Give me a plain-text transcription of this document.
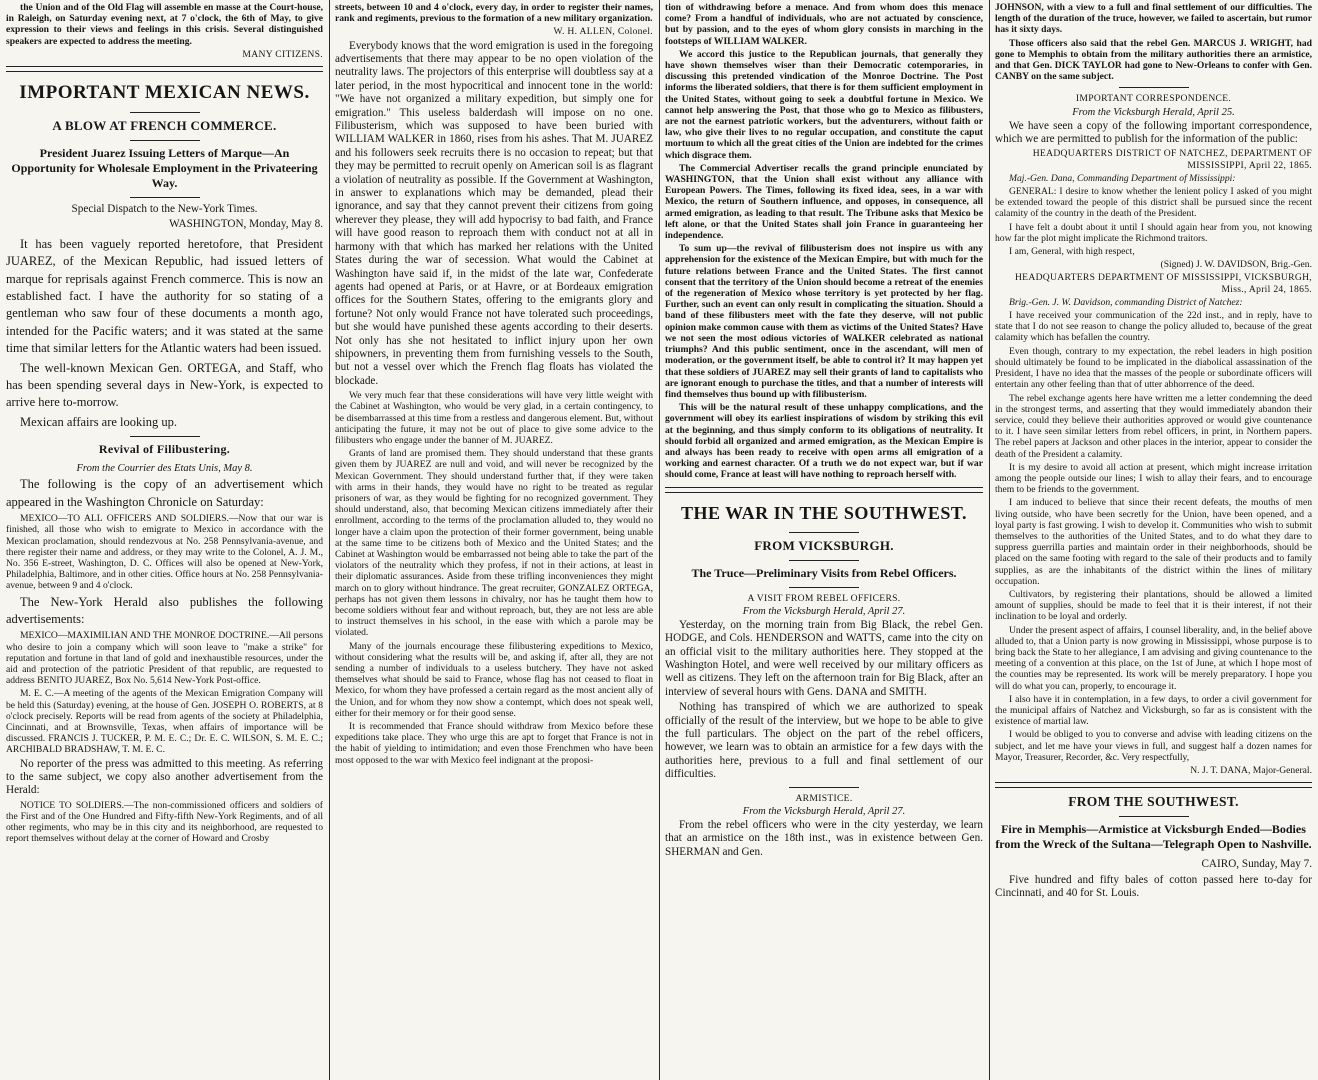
the Union and of the Old Flag will assemble en masse at the Court-house, in Raleigh, on Saturday evening next, at 7 o'clock, the 6th of May, to give expression to their views and feelings in this crisis. Several distinguished speakers are expected to address the meeting.

MANY CITIZENS.

IMPORTANT MEXICAN NEWS.
A BLOW AT FRENCH COMMERCE.
President Juarez Issuing Letters of Marque—An Opportunity for Wholesale Employment in the Privateering Way.

Special Dispatch to the New-York Times.

WASHINGTON, Monday, May 8.

It has been vaguely reported heretofore, that President JUAREZ, of the Mexican Republic, had issued letters of marque for reprisals against French commerce. This is now an established fact. I have the authority for so stating of a gentleman who saw four of these documents a month ago, intended for the Pacific waters; and it was stated at the same time that similar letters for the Atlantic waters had been issued.

The well-known Mexican Gen. ORTEGA, and Staff, who has been spending several days in New-York, is expected to arrive here to-morrow.

Mexican affairs are looking up.

Revival of Filibustering.

From the Courrier des Etats Unis, May 8.

The following is the copy of an advertisement which appeared in the Washington Chronicle on Saturday:

MEXICO—TO ALL OFFICERS AND SOLDIERS.—Now that our war is finished, all those who wish to emigrate to Mexico in accordance with the Mexican proclamation, should rendezvous at No. 258 Pennsylvania-avenue, and there register their name and address, or they may write to the Colonel, A. J. M., No. 356 E-street, Washington, D. C. Offices will also be opened at New-York, Philadelphia, Baltimore, and in other cities. Office hours at No. 258 Pennsylvania-avenue, between 9 and 4 o'clock.

The New-York Herald also publishes the following advertisements:

MEXICO—MAXIMILIAN AND THE MONROE DOCTRINE.—All persons who desire to join a company which will soon leave to "make a strike" for reputation and fortune in that land of gold and inexhaustible resources, under the aid and protection of the patriotic President of that republic, are requested to address BENITO JUAREZ, Box No. 5,614 New-York Post-office.

M. E. C.—A meeting of the agents of the Mexican Emigration Company will be held this (Saturday) evening, at the house of Gen. JOSEPH O. ROBERTS, at 8 o'clock precisely. Reports will be read from agents of the society at Philadelphia, Cincinnati, and at Brownsville, Texas, when affairs of importance will be discussed. FRANCIS J. TUCKER, P. M. E. C.; Dr. E. C. WILSON, S. M. E. C.; ARCHIBALD BRADSHAW, T. M. E. C.

No reporter of the press was admitted to this meeting. As referring to the same subject, we copy also another advertisement from the Herald:

NOTICE TO SOLDIERS.—The non-commissioned officers and soldiers of the First and of the One Hundred and Fifty-fifth New-York Regiments, and of all other regiments, who may be in this city and its neighborhood, are requested to report themselves without delay at the corner of Howard and Crosby

streets, between 10 and 4 o'clock, every day, in order to register their names, rank and regiments, previous to the formation of a new military organization.

W. H. ALLEN, Colonel.

Everybody knows that the word emigration is used in the foregoing advertisements that there may appear to be no open violation of the neutrality laws. The projectors of this enterprise will doubtless say at a later period, in the most hypocritical and innocent tone in the world: "We have not organized a military expedition, but simply one for emigration." This useless balderdash will impose on no one. Filibusterism, which was supposed to have been buried with WILLIAM WALKER in 1860, rises from his ashes. That M. JUAREZ and his followers seek recruits there is no occasion to repeat; but that they may be permitted to recruit openly on American soil is as flagrant a violation of neutrality as possible. If the Government at Washington, in answer to explanations which may be demanded, plead their ignorance, and say that they cannot prevent their citizens from going wherever they please, they will add hypocrisy to bad faith, and France will have good reason to reproach them with conduct not at all in harmony with that which has marked her relations with the United States during the war of secession. What would the Cabinet at Washington have said if, in the midst of the late war, Confederate agents had opened at Paris, or at Havre, or at Bordeaux emigration offices for the Southern States, offering to the emigrants glory and fortune? Not only would France not have tolerated such proceedings, but she would have punished these agents according to their deserts. Not only has she not hesitated to inflict injury upon her own shipowners, in preventing them from furnishing vessels to the South, but not a vessel over which the French flag floats has violated the blockade.

We very much fear that these considerations will have very little weight with the Cabinet at Washington, who would be very glad, in a certain contingency, to be disembarrassed at this time from a restless and dangerous element. But, without anticipating the future, it may not be out of place to give some advice to the filibusters who engage under the banner of M. JUAREZ.

Grants of land are promised them. They should understand that these grants given them by JUAREZ are null and void, and will never be recognized by the Mexican Government. They should understand further that, if they were taken with arms in their hands, they would have no right to be treated as regular prisoners of war, as they would be fighting for no recognized government. They should understand, also, that becoming Mexican citizens immediately after their enrollment, according to the terms of the proclamation alluded to, they would no longer have a claim upon the protection of their former government, being unable at the same time to be citizens both of Mexico and the United States; and the Cabinet at Washington would be embarrassed not being able to take the part of the violators of the neutrality which they profess, if not in their actions, at least in their diplomatic assurances. Aside from these trifling inconveniences they might march on to glory without hindrance. The great recruiter, GONZALEZ ORTEGA, perhaps has not given them lessons in chivalry, nor has he taught them how to become soldiers without fear and without reproach, but, they are not less are able to instruct themselves in his school, in the ease with which a parole may be violated.

Many of the journals encourage these filibustering expeditions to Mexico, without considering what the results will be, and asking if, after all, they are not sending a number of individuals to a useless butchery. They have not asked themselves what should be said to France, whose flag has not ceased to float in Mexico, for whom they have professed a certain regard as the most ancient ally of the Union, and for whom they now show a contempt, which does not speak well, either for their memory or for their good sense.

It is recommended that France should withdraw from Mexico before these expeditions take place. They who urge this are apt to forget that France is not in the habit of yielding to intimidation; and even those Frenchmen who have been most opposed to the war with Mexico feel indignant at the proposi-

tion of withdrawing before a menace. And from whom does this menace come? From a handful of individuals, who are not actuated by conscience, but by passion, and to the eyes of whom glory consists in marching in the footsteps of WILLIAM WALKER.

We accord this justice to the Republican journals, that generally they have shown themselves wiser than their Democratic cotemporaries, in discussing this pretended vindication of the Monroe Doctrine. The Post informs the liberated soldiers, that there is for them sufficient employment in the United States, without going to seek a doubtful fortune in Mexico. We cannot help answering the Post, that those who go to Mexico as filibusters, are not the earnest patriotic workers, but the adventurers, without faith or law, who give their lives to no regular occupation, and constitute the caput mortuum to which all the great cities of the Union are indebted for the crimes which disgrace them.

The Commercial Advertiser recalls the grand principle enunciated by WASHINGTON, that the Union shall exist without any alliance with European Powers. The Times, following its fixed idea, sees, in a war with Mexico, the return of Southern influence, and opposes, in consequence, all armed emigration, as leading to that result. The Tribune asks that Mexico be left alone, or that the United States shall join France in guaranteeing her independence.

To sum up—the revival of filibusterism does not inspire us with any apprehension for the existence of the Mexican Empire, but with much for the future relations between France and the United States. The first cannot consent that the territory of the Union should become a retreat of the enemies of the regeneration of Mexico whose territory is yet protected by her flag. Further, such an event can only result in complicating the situation. Should a band of these filibusters meet with the fate they deserve, will not public opinion make common cause with them as victims of the United States? Have we not seen the most odious victories of WALKER celebrated as national triumphs? And this public sentiment, once in the ascendant, will men of moderation, or the government itself, be able to control it? It may happen yet that these soldiers of JUAREZ may sell their grants of land to capitalists who are ignorant enough to purchase the titles, and that a number of interests will find themselves thus bound up with filibusterism.

This will be the natural result of these unhappy complications, and the government will obey its earliest inspirations of wisdom by striking this evil at the beginning, and thus simply conform to its obligations of neutrality. It should forbid all organized and armed emigration, as the Mexican Empire is and always has been ready to receive with open arms all emigration of a working and earnest character. Of a truth we do not expect war, but if war should come, France at least will have nothing to reproach herself with.

THE WAR IN THE SOUTHWEST.
FROM VICKSBURGH.
The Truce—Preliminary Visits from Rebel Officers.

A VISIT FROM REBEL OFFICERS.

From the Vicksburgh Herald, April 27.

Yesterday, on the morning train from Big Black, the rebel Gen. HODGE, and Cols. HENDERSON and WATTS, came into the city on an official visit to the military authorities here. They stopped at the Washington Hotel, and were well received by our military officers as well as citizens. They left on the afternoon train for Big Black, after an interview of several hours with Gens. DANA and SMITH.

Nothing has transpired of which we are authorized to speak officially of the result of the interview, but we hope to be able to give the full particulars. The object on the part of the rebel officers, however, we learn was to obtain an armistice for a few days with the authorities here, previous to a full and final settlement of our difficulties.

ARMISTICE.

From the Vicksburgh Herald, April 27.

From the rebel officers who were in the city yesterday, we learn that an armistice on the 18th inst., was in existence between Gen. SHERMAN and Gen.

JOHNSON, with a view to a full and final settlement of our difficulties. The length of the duration of the truce, however, we failed to ascertain, but rumor has it sixty days.

Those officers also said that the rebel Gen. MARCUS J. WRIGHT, had gone to Memphis to obtain from the military authorities there an armistice, and that Gen. DICK TAYLOR had gone to New-Orleans to confer with Gen. CANBY on the same subject.

IMPORTANT CORRESPONDENCE.

From the Vicksburgh Herald, April 25.

We have seen a copy of the following important correspondence, which we are permitted to publish for the information of the public:

HEADQUARTERS DISTRICT OF NATCHEZ, DEPARTMENT OF MISSISSIPPI, April 22, 1865.

Maj.-Gen. Dana, Commanding Department of Mississippi:

GENERAL: I desire to know whether the lenient policy I asked of you might be extended toward the people of this district shall be pursued since the recent calamity of the country in the death of the President.

I have felt a doubt about it until I should again hear from you, not knowing how far the plot might implicate the Richmond traitors.

I am, General, with high respect,

(Signed) J. W. DAVIDSON, Brig.-Gen.

HEADQUARTERS DEPARTMENT OF MISSISSIPPI, VICKSBURGH, Miss., April 24, 1865.

Brig.-Gen. J. W. Davidson, commanding District of Natchez:

I have received your communication of the 22d inst., and in reply, have to state that I do not see reason to change the policy alluded to, because of the great calamity which has befallen the country.

Even though, contrary to my expectation, the rebel leaders in high position should ultimately be found to be implicated in the diabolical assassination of the President, I have no idea that the masses of the people or subordinate officers will entertain any other feeling than that of utter abhorrence of the deed.

The rebel exchange agents here have written me a letter condemning the deed in the strongest terms, and asserting that they would immediately abandon their service, could they believe their authorities approved or would give countenance to it. I have seen similar letters from rebel officers, in print, in Northern papers. The rebel papers at Jackson and other places in the interior, appear to consider the death of the President a calamity.

It is my desire to avoid all action at present, which might increase irritation among the people outside our lines; I wish to allay their fears, and to encourage them to be friends to the government.

I am induced to believe that since their recent defeats, the mouths of men living outside, who have been secretly for the Union, have been opened, and a loyal party is fast growing. I wish to develop it. Communities who wish to submit themselves to the authorities of the United States, and to do what they dare to suppress guerrilla parties and maintain order in their neighborhoods, should be placed on the same footing with regard to the sale of their products and to family supplies, as are the inhabitants of the district within the lines of military occupation.

Cultivators, by registering their plantations, should be allowed a limited amount of supplies, should be made to feel that it is their interest, if not their inclination to be loyal and orderly.

Under the present aspect of affairs, I counsel liberality, and, in the belief above alluded to, that a Union party is now growing in Mississippi, whose purpose is to bring back the State to her allegiance, I am advising and giving countenance to the meeting of a convention at this place, on the 1st of June, at which I hope most of the counties may be represented. Its work will be merely preparatory. I hope you will do what you can, properly, to encourage it.

I also have it in contemplation, in a few days, to order a civil government for the municipal affairs of Natchez and Vicksburgh, so far as is consistent with the existence of martial law.

I would be obliged to you to converse and advise with leading citizens on the subject, and let me have your views in full, and suggest half a dozen names for Mayor, Treasurer, Recorder, &c. Very respectfully,

N. J. T. DANA, Major-General.

FROM THE SOUTHWEST.
Fire in Memphis—Armistice at Vicksburgh Ended—Bodies from the Wreck of the Sultana—Telegraph Open to Nashville.

CAIRO, Sunday, May 7.

Five hundred and fifty bales of cotton passed here to-day for Cincinnati, and 40 for St. Louis.
